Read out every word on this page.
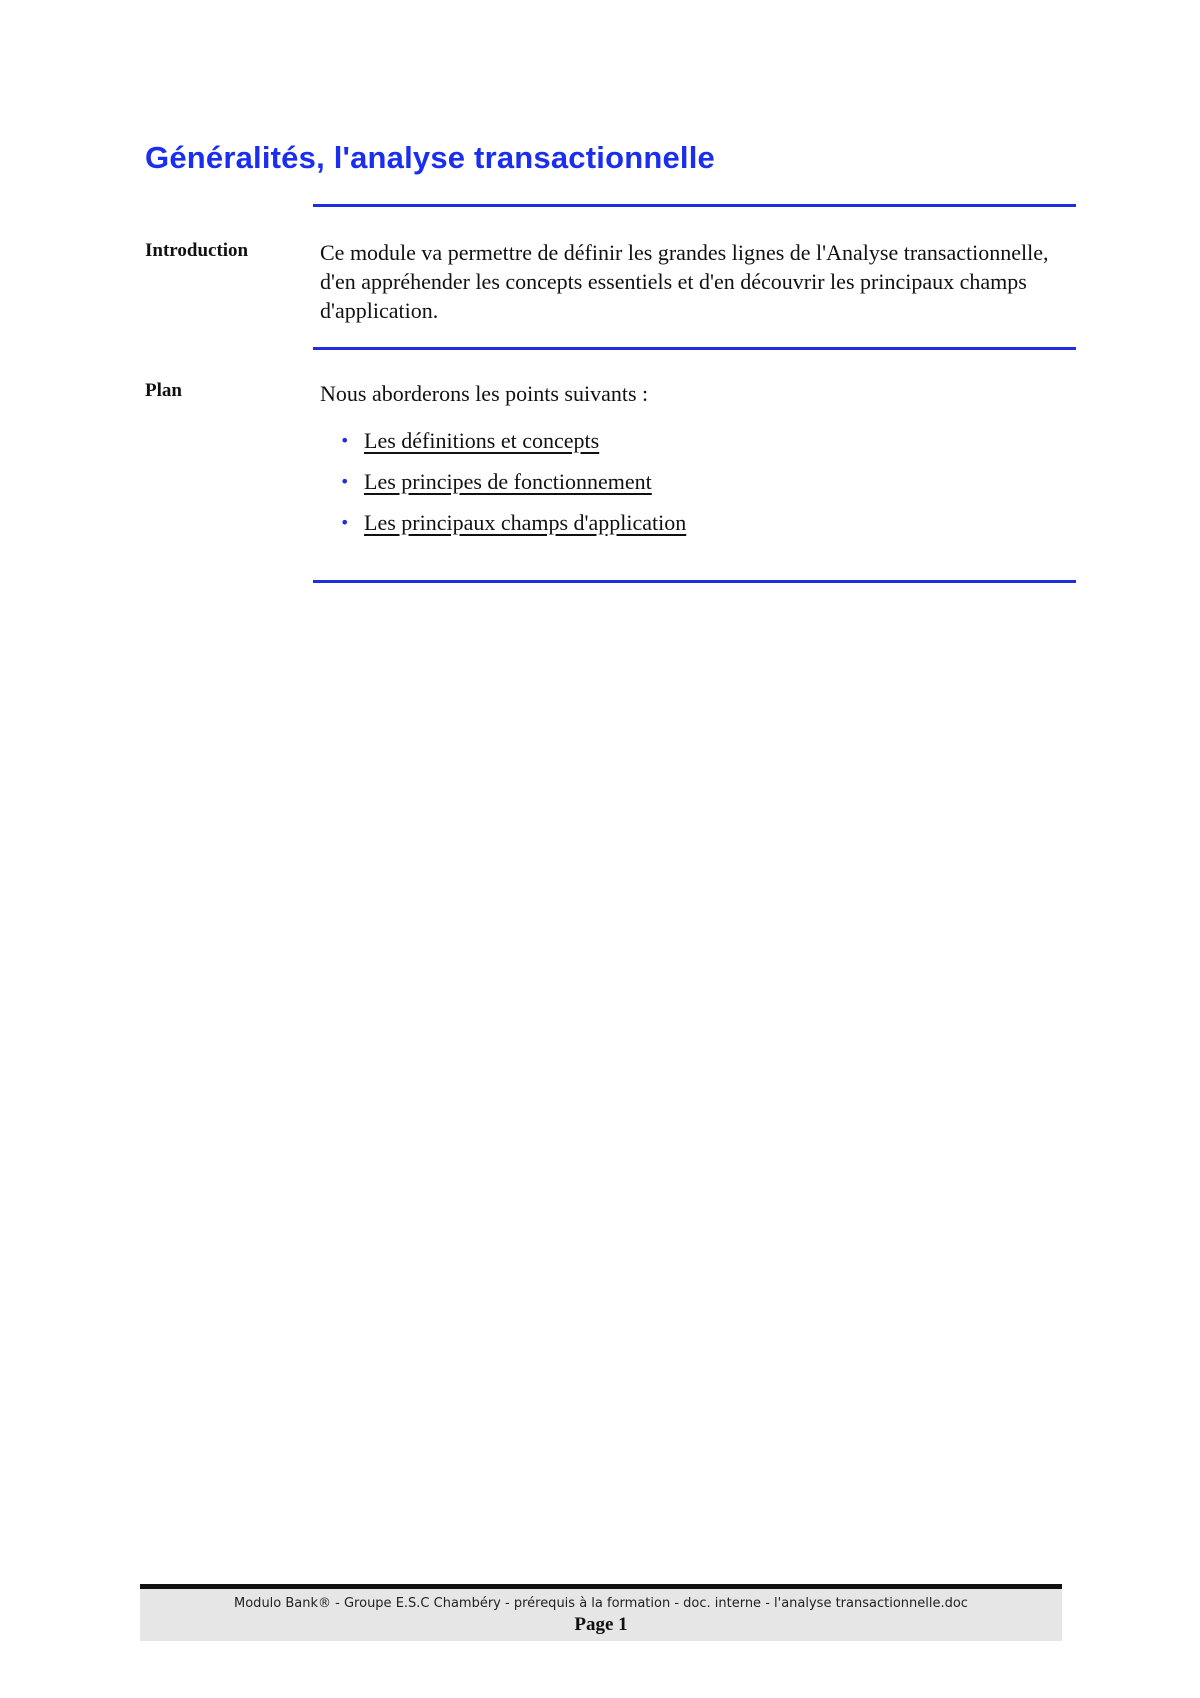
Généralités, l'analyse transactionnelle
Introduction	Ce module va permettre de définir les grandes lignes de l'Analyse transactionnelle, d'en appréhender les concepts essentiels et d'en découvrir les principaux champs d'application.

Plan	Nous aborderons les points suivants :

• Les définitions et concepts
• Les principes de fonctionnement
• Les principaux champs d'application
Modulo Bank® - Groupe E.S.C Chambéry - prérequis à la formation - doc. interne - l'analyse transactionnelle.doc
Page 1
